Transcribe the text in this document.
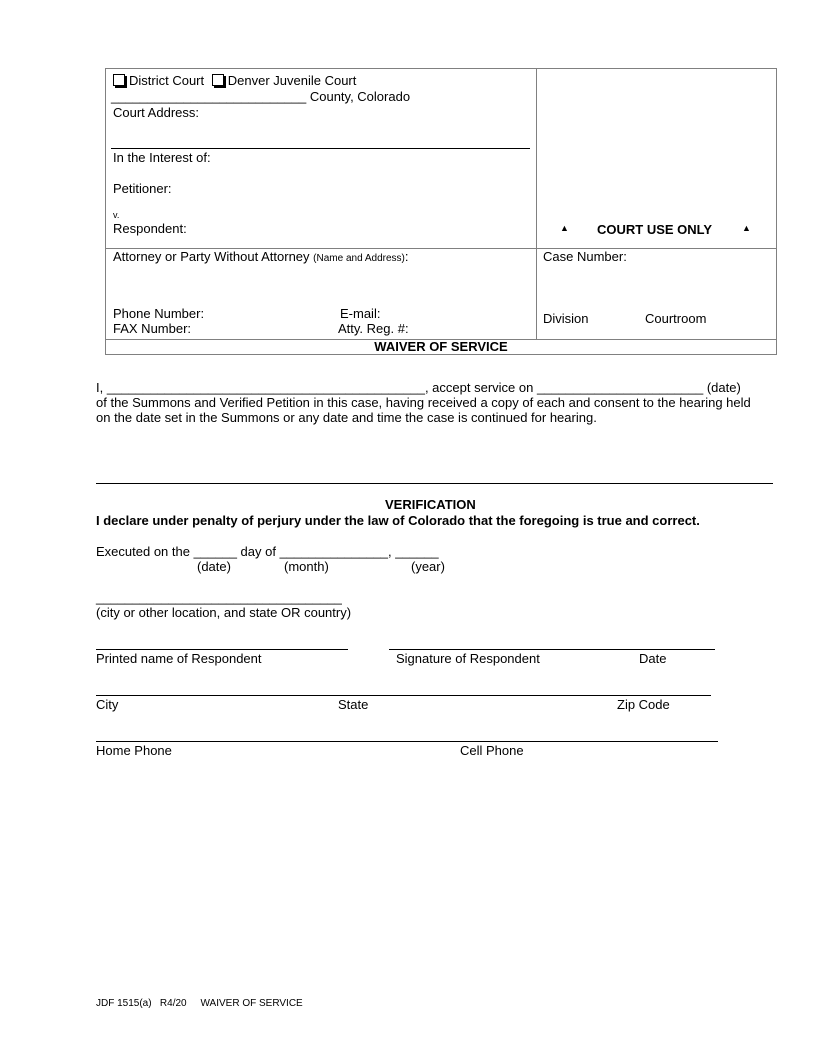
District Court Denver Juvenile Court
___________________________ County, Colorado
Court Address:
In the Interest of:
Petitioner:
v.
Respondent:	▲ COURT USE ONLY	▲
Attorney or Party Without Attorney (Name and Address):
Phone Number:	E-mail:
FAX Number:	Atty. Reg. #:
Case Number:
Division	Courtroom
WAIVER OF SERVICE
I, ____________________________________________, accept service on _______________________ (date)
of the Summons and Verified Petition in this case, having received a copy of each and consent to the hearing held
on the date set in the Summons or any date and time the case is continued for hearing.
VERIFICATION
I declare under penalty of perjury under the law of Colorado that the foregoing is true and correct.
Executed on the ______ day of _______________, ______
(date)	(month)	(year)
__________________________________
(city or other location, and state OR country)
Printed name of Respondent	Signature of Respondent	Date
City	State	Zip Code
Home Phone	Cell Phone
JDF 1515(a)   R4/20     WAIVER OF SERVICE
